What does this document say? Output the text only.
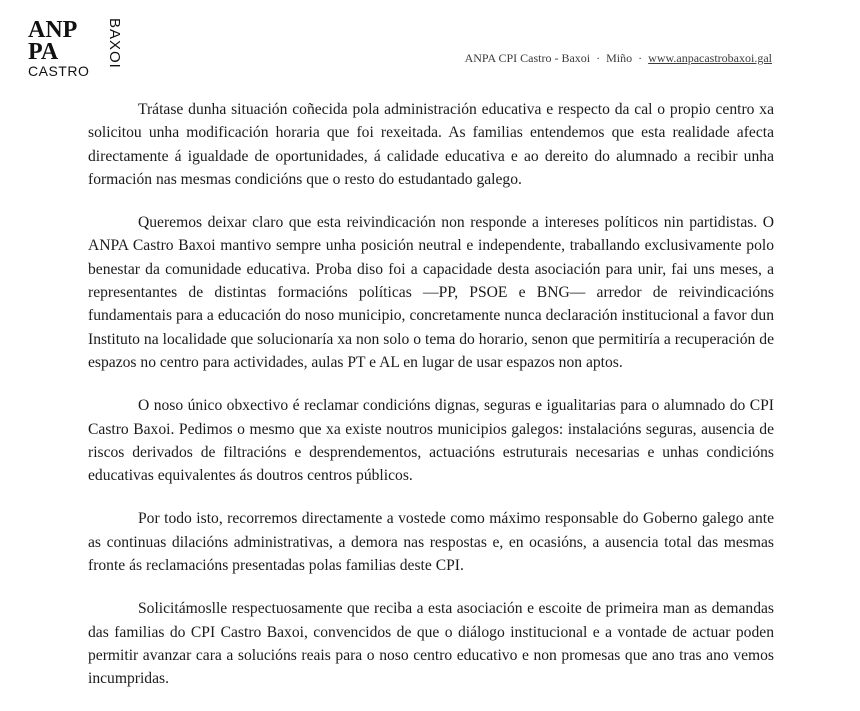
ANP
PA
CASTRO
BAXOI	ANPA CPI Castro - Baxoi · Miño · www.anpacastrobaxoi.gal

Trátase dunha situación coñecida pola administración educativa e respecto da cal o propio centro xa solicitou unha modificación horaria que foi rexeitada. As familias entendemos que esta realidade afecta directamente á igualdade de oportunidades, á calidade educativa e ao dereito do alumnado a recibir unha formación nas mesmas condicións que o resto do estudantado galego.

Queremos deixar claro que esta reivindicación non responde a intereses políticos nin partidistas. O ANPA Castro Baxoi mantivo sempre unha posición neutral e independente, traballando exclusivamente polo benestar da comunidade educativa. Proba diso foi a capacidade desta asociación para unir, fai uns meses, a representantes de distintas formacións políticas —PP, PSOE e BNG— arredor de reivindicacións fundamentais para a educación do noso municipio, concretamente nunca declaración institucional a favor dun Instituto na localidade que solucionaría xa non solo o tema do horario, senon que permitiría a recuperación de espazos no centro para actividades, aulas PT e AL en lugar de usar espazos non aptos.

O noso único obxectivo é reclamar condicións dignas, seguras e igualitarias para o alumnado do CPI Castro Baxoi. Pedimos o mesmo que xa existe noutros municipios galegos: instalacións seguras, ausencia de riscos derivados de filtracións e desprendementos, actuacións estruturais necesarias e unhas condicións educativas equivalentes ás doutros centros públicos.

Por todo isto, recorremos directamente a vostede como máximo responsable do Goberno galego ante as continuas dilacións administrativas, a demora nas respostas e, en ocasións, a ausencia total das mesmas fronte ás reclamacións presentadas polas familias deste CPI.

Solicitámoslle respectuosamente que reciba a esta asociación e escoite de primeira man as demandas das familias do CPI Castro Baxoi, convencidos de que o diálogo institucional e a vontade de actuar poden permitir avanzar cara a solucións reais para o noso centro educativo e non promesas que ano tras ano vemos incumpridas.
